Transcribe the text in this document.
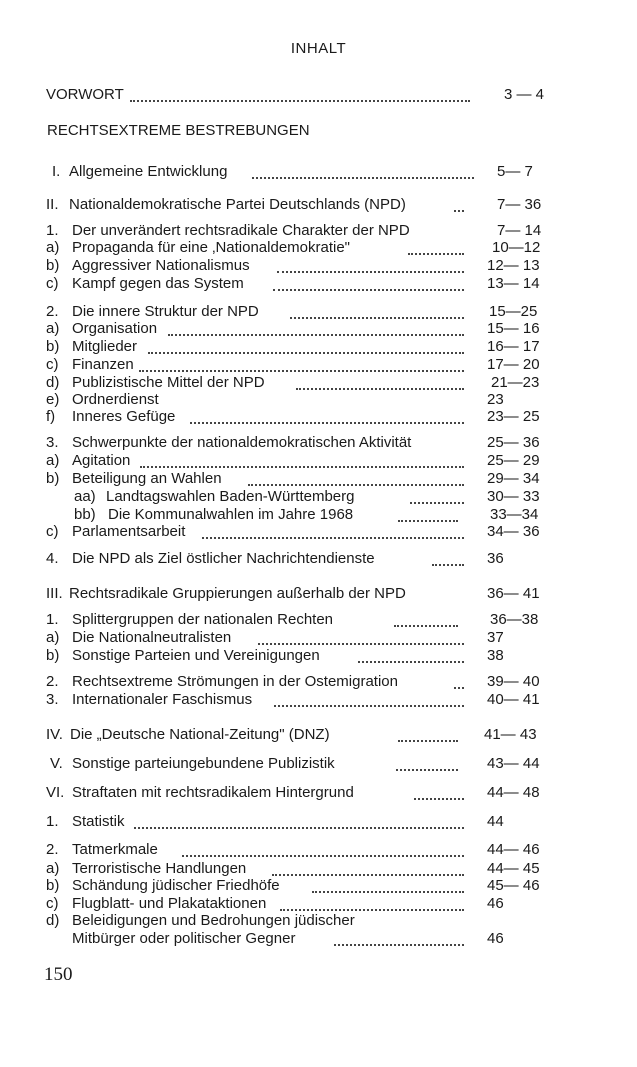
INHALT
VORWORT	3 — 4
RECHTSEXTREME BESTREBUNGEN
I. Allgemeine Entwicklung	5— 7
II. Nationaldemokratische Partei Deutschlands (NPD)	7— 36
1. Der unverändert rechtsradikale Charakter der NPD	7— 14
a) Propaganda für eine ‚Nationaldemokratie"	10—12
b) Aggressiver Nationalismus	12— 13
c) Kampf gegen das System	13— 14
2. Die innere Struktur der NPD	15—25
a) Organisation	15— 16
b) Mitglieder	16— 17
c) Finanzen	17— 20
d) Publizistische Mittel der NPD	21—23
e) Ordnerdienst	23
f) Inneres Gefüge	23— 25
3. Schwerpunkte der nationaldemokratischen Aktivität	25— 36
a) Agitation	25— 29
b) Beteiligung an Wahlen	29— 34
aa) Landtagswahlen Baden-Württemberg	30— 33
bb) Die Kommunalwahlen im Jahre 1968	33—34
c) Parlamentsarbeit	34— 36
4. Die NPD als Ziel östlicher Nachrichtendienste	36
III. Rechtsradikale Gruppierungen außerhalb der NPD	36— 41
1. Splittergruppen der nationalen Rechten	36—38
a) Die Nationalneutralisten	37
b) Sonstige Parteien und Vereinigungen	38
2. Rechtsextreme Strömungen in der Ostemigration	39— 40
3. Internationaler Faschismus	40— 41
IV. Die „Deutsche National-Zeitung" (DNZ)	41— 43
V. Sonstige parteiungebundene Publizistik	43— 44
VI. Straftaten mit rechtsradikalem Hintergrund	44— 48
1. Statistik	44
2. Tatmerkmale	44— 46
a) Terroristische Handlungen	44— 45
b) Schändung jüdischer Friedhöfe	45— 46
c) Flugblatt- und Plakataktionen	46
d) Beleidigungen und Bedrohungen jüdischer
Mitbürger oder politischer Gegner	46
150
